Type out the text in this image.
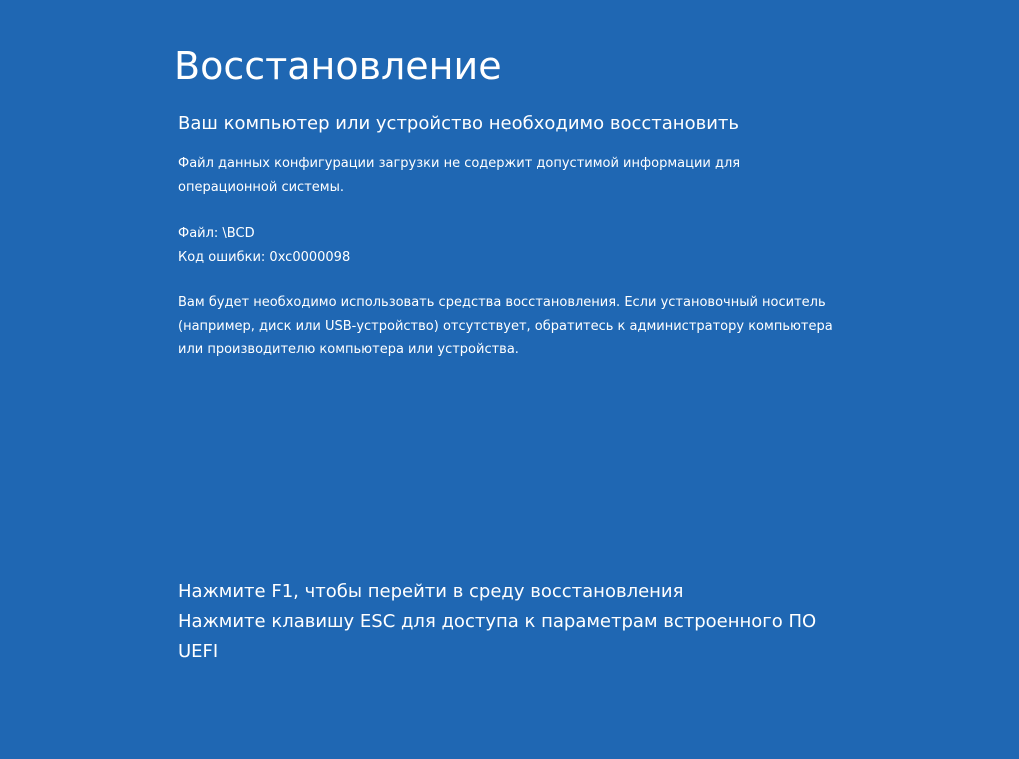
Восстановление
Ваш компьютер или устройство необходимо восстановить
Файл данных конфигурации загрузки не содержит допустимой информации для
операционной системы.
Файл: \BCD
Код ошибки: 0xc0000098
Вам будет необходимо использовать средства восстановления. Если установочный носитель
(например, диск или USB-устройство) отсутствует, обратитесь к администратору компьютера
или производителю компьютера или устройства.
Нажмите F1, чтобы перейти в среду восстановления
Нажмите клавишу ESC для доступа к параметрам встроенного ПО
UEFI
